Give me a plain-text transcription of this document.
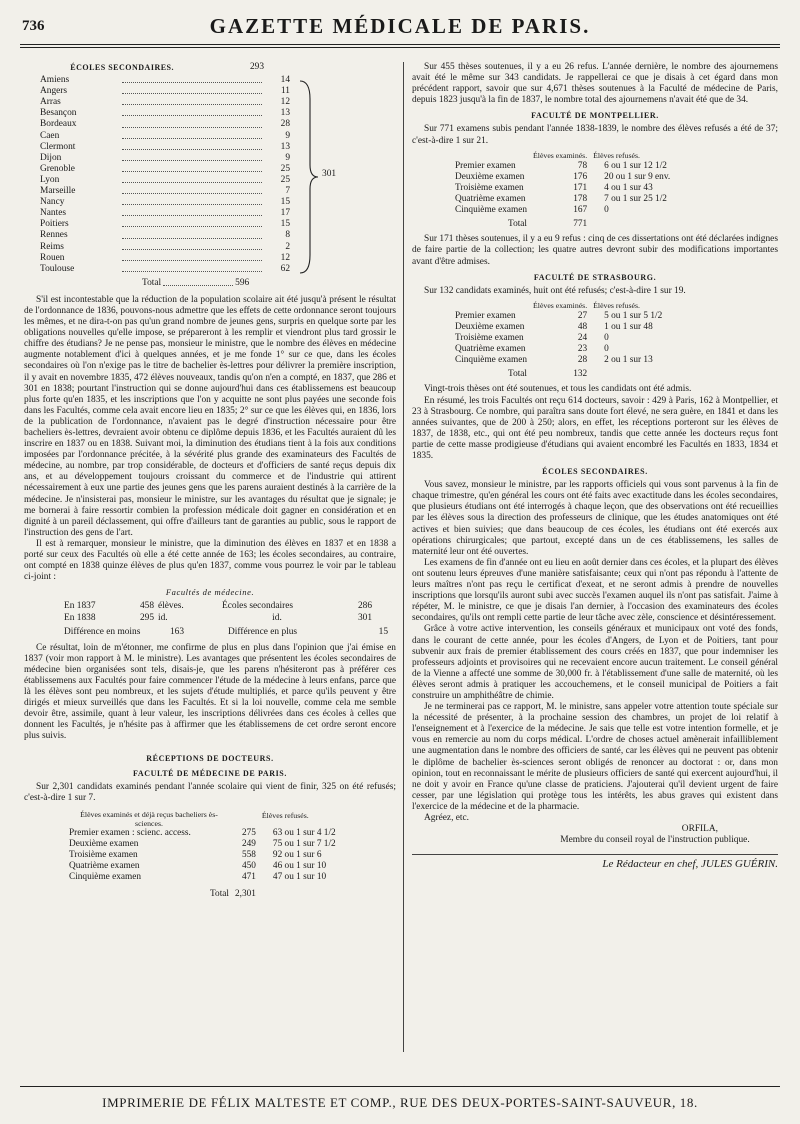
736	GAZETTE MÉDICALE DE PARIS.
ÉCOLES SECONDAIRES.	293
Amiens	14
Angers	11
Arras	12
Besançon	13
Bordeaux	28
Caen	9
Clermont	13
Dijon	9
Grenoble	25
Lyon	25
Marseille	7
Nancy	15
Nantes	17
Poitiers	15
Rennes	8
Reims	2
Rouen	12
Toulouse	62
301
Total	596

S'il est incontestable que la réduction de la population scolaire ait été jusqu'à présent le résultat de l'ordonnance de 1836, pouvons-nous admettre que les effets de cette ordonnance seront toujours les mêmes, et ne dira-t-on pas qu'un grand nombre de jeunes gens, surpris en quelque sorte par les obligations nouvelles qu'elle impose, se prépareront à les remplir et viendront plus tard grossir le chiffre des étudians? Je ne pense pas, monsieur le ministre, que le nombre des élèves en médecine augmente notablement d'ici à quelques années, et je me fonde 1° sur ce que, dans les écoles secondaires où l'on n'exige pas le titre de bachelier ès-lettres pour délivrer la première inscription, il y avait en novembre 1835, 472 élèves nouveaux, tandis qu'on n'en a compté, en 1837, que 286 et 301 en 1838; pourtant l'instruction qui se donne aujourd'hui dans ces établissemens est beaucoup plus forte qu'en 1835, et les inscriptions que l'on y acquitte ne sont plus payées une seconde fois dans les Facultés, comme cela avait encore lieu en 1835; 2° sur ce que les élèves qui, en 1836, lors de la publication de l'ordonnance, n'avaient pas le degré d'instruction nécessaire pour être bacheliers ès-lettres, devraient avoir obtenu ce diplôme depuis 1836, et les Facultés auraient dû les inscrire en 1837 ou en 1838. Suivant moi, la diminution des étudians tient à la fois aux conditions imposées par l'ordonnance précitée, à la sévérité plus grande des examinateurs des Facultés de médecine, au nombre, par trop considérable, de docteurs et d'officiers de santé reçus depuis dix ans, et au développement toujours croissant du commerce et de l'industrie qui attirent nécessairement à eux une partie des jeunes gens que les parens auraient destinés à la carrière de la médecine. Je n'insisterai pas, monsieur le ministre, sur les avantages du résultat que je signale; je me bornerai à faire ressortir combien la profession médicale doit gagner en considération et en dignité à un pareil déclassement, qui offre d'ailleurs tant de garanties au public, sous le rapport de l'instruction des gens de l'art.

Il est à remarquer, monsieur le ministre, que la diminution des élèves en 1837 et en 1838 a porté sur ceux des Facultés où elle a été cette année de 163; les écoles secondaires, au contraire, ont compté en 1838 quinze élèves de plus qu'en 1837, comme vous pourrez le voir par le tableau ci-joint :

Facultés de médecine.
En 1837	458 élèves.	Écoles secondaires	286
En 1838	295 id.	id.	301
Différence en moins	163	Différence en plus	15

Ce résultat, loin de m'étonner, me confirme de plus en plus dans l'opinion que j'ai émise en 1837 (voir mon rapport à M. le ministre). Les avantages que présentent les écoles secondaires de médecine bien organisées sont tels, disais-je, que les parens n'hésiteront pas à préférer ces établissemens aux Facultés pour faire commencer l'étude de la médecine à leurs enfans, parce que là les élèves sont peu nombreux, et les sujets d'étude multipliés, et parce qu'ils peuvent y être dirigés et mieux surveillés que dans les Facultés. Et si la loi nouvelle, comme cela me semble devoir être, assimile, quant à leur valeur, les inscriptions délivrées dans ces écoles à celles que donnent les Facultés, je n'hésite pas à affirmer que les établissemens de cet ordre seront encore plus suivis.

RÉCEPTIONS DE DOCTEURS.
FACULTÉ DE MÉDECINE DE PARIS.

Sur 2,301 candidats examinés pendant l'année scolaire qui vient de finir, 325 on été refusés; c'est-à-dire 1 sur 7.

Élèves examinés et déjà reçus bacheliers ès-sciences.		Élèves refusés.
Premier examen : scienc. access.	275	63 ou 1 sur 4 1/2
Deuxième examen	249	75 ou 1 sur 7 1/2
Troisième examen	558	92 ou 1 sur 6
Quatrième examen	450	46 ou 1 sur 10
Cinquième examen	471	47 ou 1 sur 10
Total	2,301	

Sur 455 thèses soutenues, il y a eu 26 refus. L'année dernière, le nombre des ajournemens avait été le même sur 343 candidats. Je rappellerai ce que je disais à cet égard dans mon précédent rapport, savoir que sur 4,671 thèses soutenues à la Faculté de médecine de Paris, depuis 1823 jusqu'à la fin de 1837, le nombre total des ajournemens n'avait été que de 34.

FACULTÉ DE MONTPELLIER.

Sur 771 examens subis pendant l'année 1838-1839, le nombre des élèves refusés a été de 37; c'est-à-dire 1 sur 21.

	Élèves examinés.	Élèves refusés.
Premier examen	78	6 ou 1 sur 12 1/2
Deuxième examen	176	20 ou 1 sur 9 env.
Troisième examen	171	4 ou 1 sur 43
Quatrième examen	178	7 ou 1 sur 25 1/2
Cinquième examen	167	0
Total	771	

Sur 171 thèses soutenues, il y a eu 9 refus : cinq de ces dissertations ont été déclarées indignes de faire partie de la collection; les quatre autres devront subir des modifications importantes avant d'être admises.

FACULTÉ DE STRASBOURG.

Sur 132 candidats examinés, huit ont été refusés; c'est-à-dire 1 sur 19.

	Élèves examinés.	Élèves refusés.
Premier examen	27	5 ou 1 sur 5 1/2
Deuxième examen	48	1 ou 1 sur 48
Troisième examen	24	0
Quatrième examen	23	0
Cinquième examen	28	2 ou 1 sur 13
Total	132	

Vingt-trois thèses ont été soutenues, et tous les candidats ont été admis.

En résumé, les trois Facultés ont reçu 614 docteurs, savoir : 429 à Paris, 162 à Montpellier, et 23 à Strasbourg. Ce nombre, qui paraîtra sans doute fort élevé, ne sera guère, en 1841 et dans les années suivantes, que de 200 à 250; alors, en effet, les réceptions porteront sur les élèves de 1837, de 1838, etc., qui ont été peu nombreux, tandis que cette année les docteurs reçus font partie de cette masse prodigieuse d'étudians qui avaient encombré les Facultés en 1833, 1834 et 1835.

ÉCOLES SECONDAIRES.

Vous savez, monsieur le ministre, par les rapports officiels qui vous sont parvenus à la fin de chaque trimestre, qu'en général les cours ont été faits avec exactitude dans les écoles secondaires, que plusieurs étudians ont été interrogés à chaque leçon, que des observations ont été recueillies par les élèves sous la direction des professeurs de clinique, que les études anatomiques ont été actives et bien suivies; que dans beaucoup de ces écoles, les étudians ont été exercés aux opérations chirurgicales; que partout, excepté dans un de ces établissemens, les salles de maternité leur ont été ouvertes.

Les examens de fin d'année ont eu lieu en août dernier dans ces écoles, et la plupart des élèves ont soutenu leurs épreuves d'une manière satisfaisante; ceux qui n'ont pas répondu à l'attente de leurs maîtres n'ont pas reçu le certificat d'exeat, et ne seront admis à prendre de nouvelles inscriptions que lorsqu'ils auront subi avec succès l'examen auquel ils n'ont pas satisfait. J'aime à répéter, M. le ministre, ce que je disais l'an dernier, à l'occasion des examinateurs des écoles secondaires, qu'ils ont rempli cette partie de leur tâche avec zèle, conscience et désintéressement.

Grâce à votre active intervention, les conseils généraux et municipaux ont voté des fonds, dans le courant de cette année, pour les écoles d'Angers, de Lyon et de Poitiers, tant pour subvenir aux frais de premier établissement des cours créés en 1837, que pour indemniser les professeurs adjoints et provisoires qui ne recevaient encore aucun traitement. Le conseil général de la Vienne a affecté une somme de 30,000 fr. à l'établissement d'une salle de maternité, où les élèves seront admis à pratiquer les accouchemens, et le conseil municipal de Poitiers a fait construire un amphithéâtre de chimie.

Je ne terminerai pas ce rapport, M. le ministre, sans appeler votre attention toute spéciale sur la nécessité de présenter, à la prochaine session des chambres, un projet de loi relatif à l'enseignement et à l'exercice de la médecine. Je sais que telle est votre intention formelle, et je vous en remercie au nom du corps médical. L'ordre de choses actuel amènerait infailliblement une augmentation dans le nombre des officiers de santé, car les élèves qui ne peuvent pas obtenir le diplôme de bachelier ès-sciences seront obligés de renoncer au doctorat : or, dans mon opinion, tout en reconnaissant le mérite de plusieurs officiers de santé qui exercent aujourd'hui, il ne doit y avoir en France qu'une classe de praticiens. J'ajouterai qu'il devient urgent de faire cesser, par une législation qui protège tous les intérêts, les abus graves qui existent dans l'exercice de la médecine et de la pharmacie.

Agréez, etc.

ORFILA,
Membre du conseil royal de l'instruction publique.
Le Rédacteur en chef, JULES GUÉRIN.
IMPRIMERIE DE FÉLIX MALTESTE ET COMP., RUE DES DEUX-PORTES-SAINT-SAUVEUR, 18.
